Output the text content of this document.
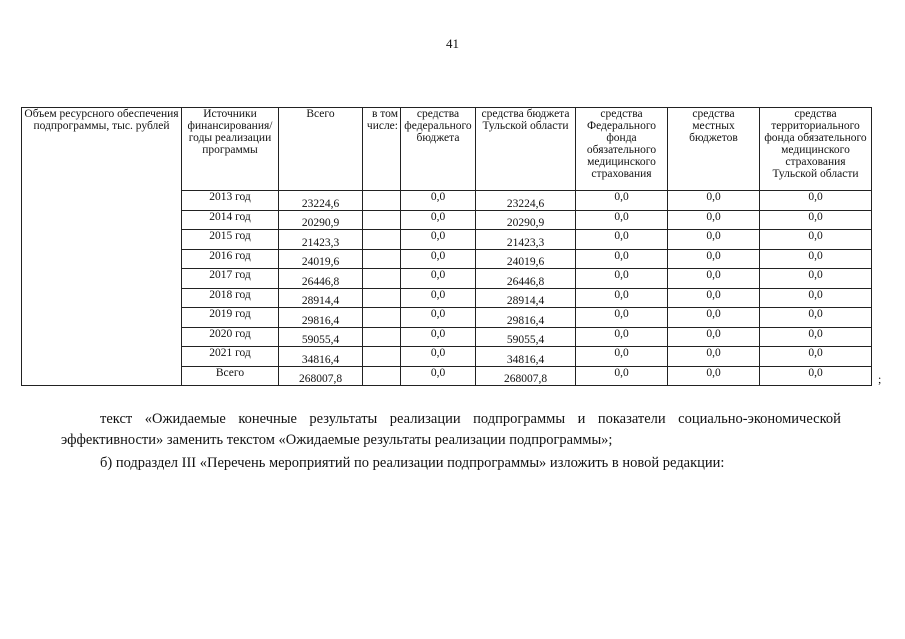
41
Объем ресурсного обеспечения подпрограммы, тыс. рублей	Источники финансирования/ годы реализации программы	Всего	в том числе:	средства федерального бюджета	средства бюджета Тульской области	средства Федерального фонда обязательного медицинского страхования	средства местных бюджетов	средства территориального фонда обязательного медицинского страхования Тульской области
	2013 год	23224,6		0,0	23224,6	0,0	0,0	0,0
	2014 год	20290,9		0,0	20290,9	0,0	0,0	0,0
	2015 год	21423,3		0,0	21423,3	0,0	0,0	0,0
	2016 год	24019,6		0,0	24019,6	0,0	0,0	0,0
	2017 год	26446,8		0,0	26446,8	0,0	0,0	0,0
	2018 год	28914,4		0,0	28914,4	0,0	0,0	0,0
	2019 год	29816,4		0,0	29816,4	0,0	0,0	0,0
	2020 год	59055,4		0,0	59055,4	0,0	0,0	0,0
	2021 год	34816,4		0,0	34816,4	0,0	0,0	0,0
	Всего	268007,8		0,0	268007,8	0,0	0,0	0,0	;
текст «Ожидаемые конечные результаты реализации подпрограммы и показатели социально-экономической
эффективности» заменить текстом «Ожидаемые результаты реализации подпрограммы»;
б) подраздел III «Перечень мероприятий по реализации подпрограммы» изложить в новой редакции:
